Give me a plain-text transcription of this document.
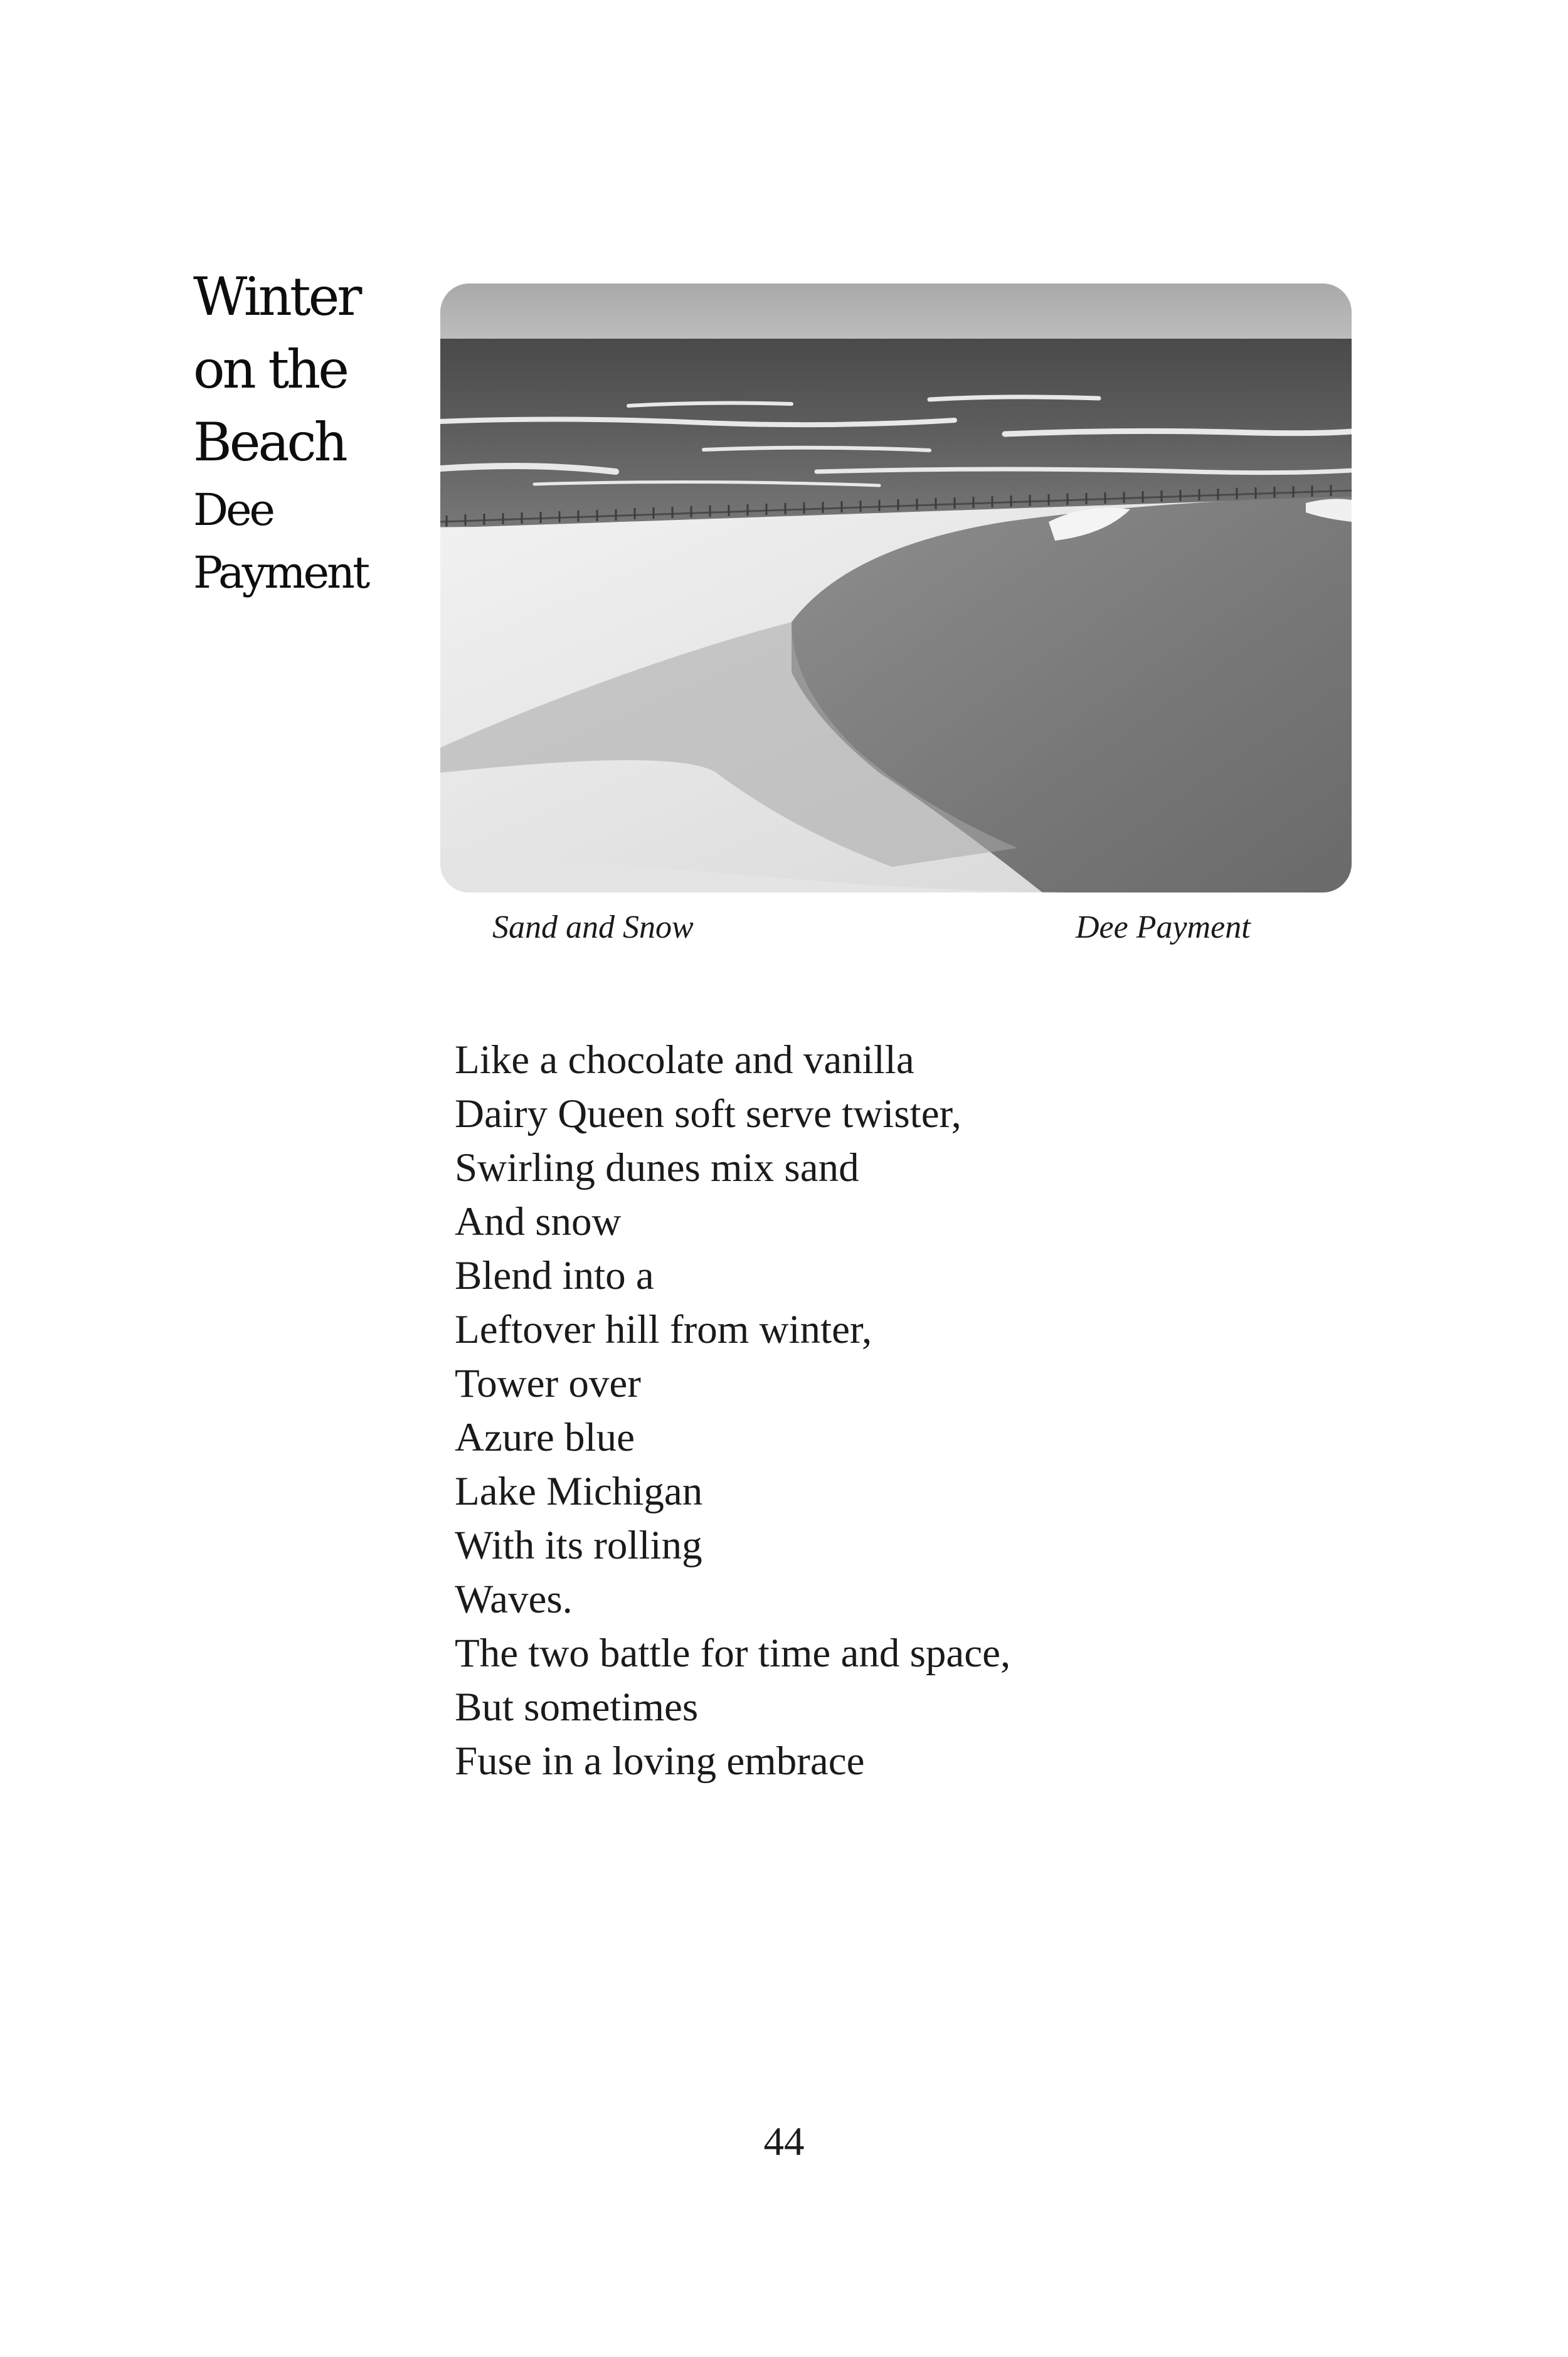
Winter
on the
Beach
Dee
Payment
Sand and Snow	Dee Payment
Like a chocolate and vanilla
Dairy Queen soft serve twister,
Swirling dunes mix sand
And snow
Blend into a
Leftover hill from winter,
Tower over
Azure blue
Lake Michigan
With its rolling
Waves.
The two battle for time and space,
But sometimes
Fuse in a loving embrace
44
